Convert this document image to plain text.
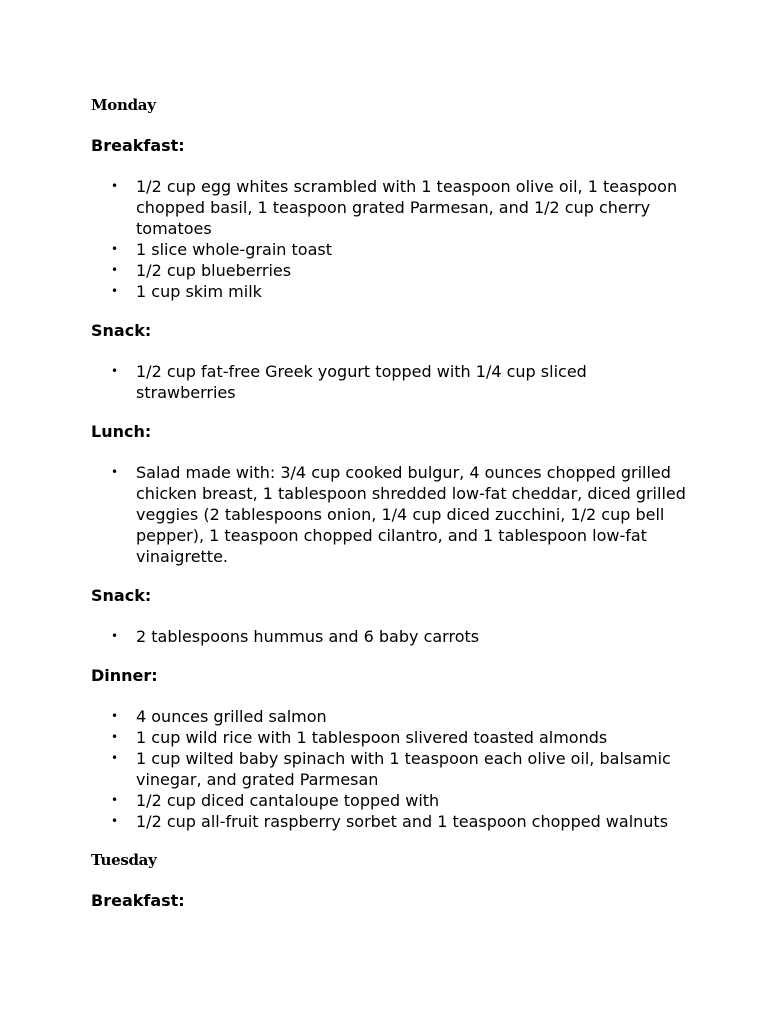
Monday
Breakfast:
• 1/2 cup egg whites scrambled with 1 teaspoon olive oil, 1 teaspoon chopped basil, 1 teaspoon grated Parmesan, and 1/2 cup cherry tomatoes
• 1 slice whole-grain toast
• 1/2 cup blueberries
• 1 cup skim milk
Snack:
• 1/2 cup fat-free Greek yogurt topped with 1/4 cup sliced strawberries
Lunch:
• Salad made with: 3/4 cup cooked bulgur, 4 ounces chopped grilled chicken breast, 1 tablespoon shredded low-fat cheddar, diced grilled veggies (2 tablespoons onion, 1/4 cup diced zucchini, 1/2 cup bell pepper), 1 teaspoon chopped cilantro, and 1 tablespoon low-fat vinaigrette.
Snack:
• 2 tablespoons hummus and 6 baby carrots
Dinner:
• 4 ounces grilled salmon
• 1 cup wild rice with 1 tablespoon slivered toasted almonds
• 1 cup wilted baby spinach with 1 teaspoon each olive oil, balsamic vinegar, and grated Parmesan
• 1/2 cup diced cantaloupe topped with
• 1/2 cup all-fruit raspberry sorbet and 1 teaspoon chopped walnuts
Tuesday
Breakfast:
